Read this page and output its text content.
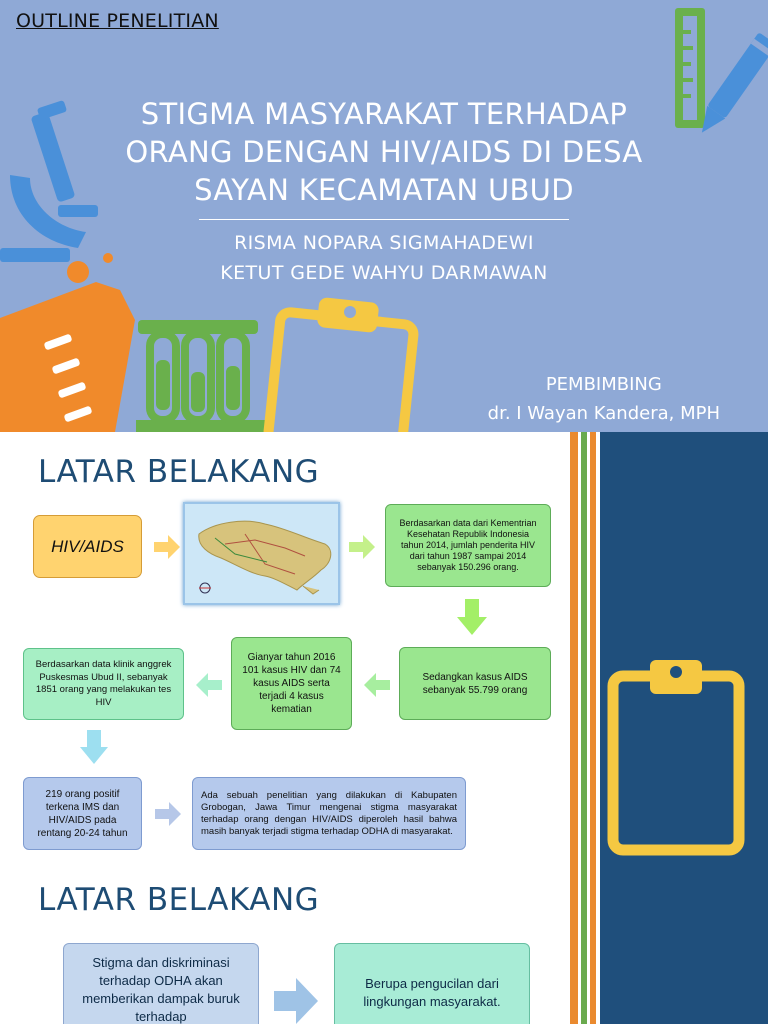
OUTLINE PENELITIAN
STIGMA MASYARAKAT TERHADAP
ORANG DENGAN HIV/AIDS DI DESA
SAYAN KECAMATAN UBUD
RISMA NOPARA SIGMAHADEWI
KETUT GEDE WAHYU DARMAWAN
PEMBIMBING
dr. I Wayan Kandera, MPH
LATAR BELAKANG
HIV/AIDS
Berdasarkan data dari Kementrian Kesehatan Republik Indonesia tahun 2014, jumlah penderita HIV dari tahun 1987 sampai 2014 sebanyak 150.296 orang.
Sedangkan kasus AIDS sebanyak 55.799 orang
Gianyar tahun 2016 101 kasus HIV dan 74 kasus AIDS serta terjadi 4 kasus kematian
Berdasarkan data klinik anggrek Puskesmas Ubud II, sebanyak 1851 orang yang melakukan tes HIV
219 orang positif terkena IMS dan HIV/AIDS pada rentang 20-24 tahun
Ada sebuah penelitian yang dilakukan di Kabupaten Grobogan, Jawa Timur mengenai stigma masyarakat terhadap orang dengan HIV/AIDS diperoleh hasil bahwa masih banyak terjadi stigma terhadap ODHA di masyarakat.
LATAR BELAKANG
Stigma dan diskriminasi terhadap ODHA akan memberikan dampak buruk terhadap
Berupa pengucilan dari lingkungan masyarakat.
